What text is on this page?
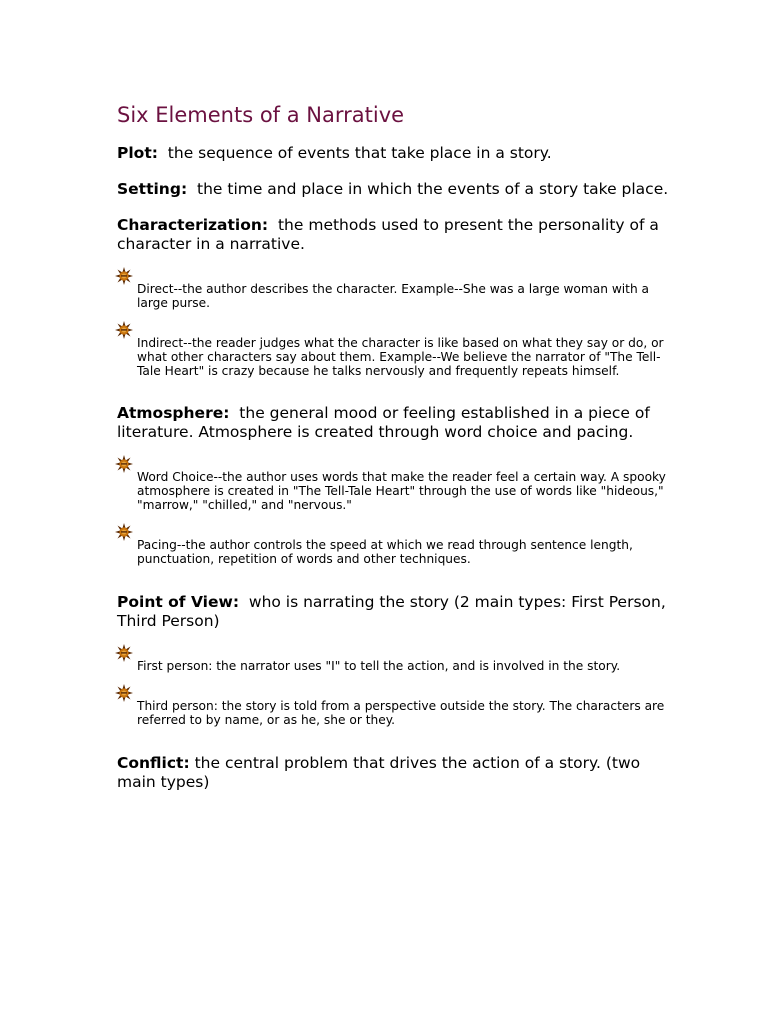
Six Elements of a Narrative

Plot: the sequence of events that take place in a story.

Setting: the time and place in which the events of a story take place.

Characterization: the methods used to present the personality of a character in a narrative.

Direct--the author describes the character. Example--She was a large woman with a large purse.
Indirect--the reader judges what the character is like based on what they say or do, or what other characters say about them. Example--We believe the narrator of "The Tell-Tale Heart" is crazy because he talks nervously and frequently repeats himself.

Atmosphere: the general mood or feeling established in a piece of literature. Atmosphere is created through word choice and pacing.

Word Choice--the author uses words that make the reader feel a certain way. A spooky atmosphere is created in "The Tell-Tale Heart" through the use of words like "hideous," "marrow," "chilled," and "nervous."
Pacing--the author controls the speed at which we read through sentence length, punctuation, repetition of words and other techniques.

Point of View: who is narrating the story (2 main types: First Person, Third Person)

First person: the narrator uses "I" to tell the action, and is involved in the story.
Third person: the story is told from a perspective outside the story. The characters are referred to by name, or as he, she or they.

Conflict: the central problem that drives the action of a story. (two main types)
